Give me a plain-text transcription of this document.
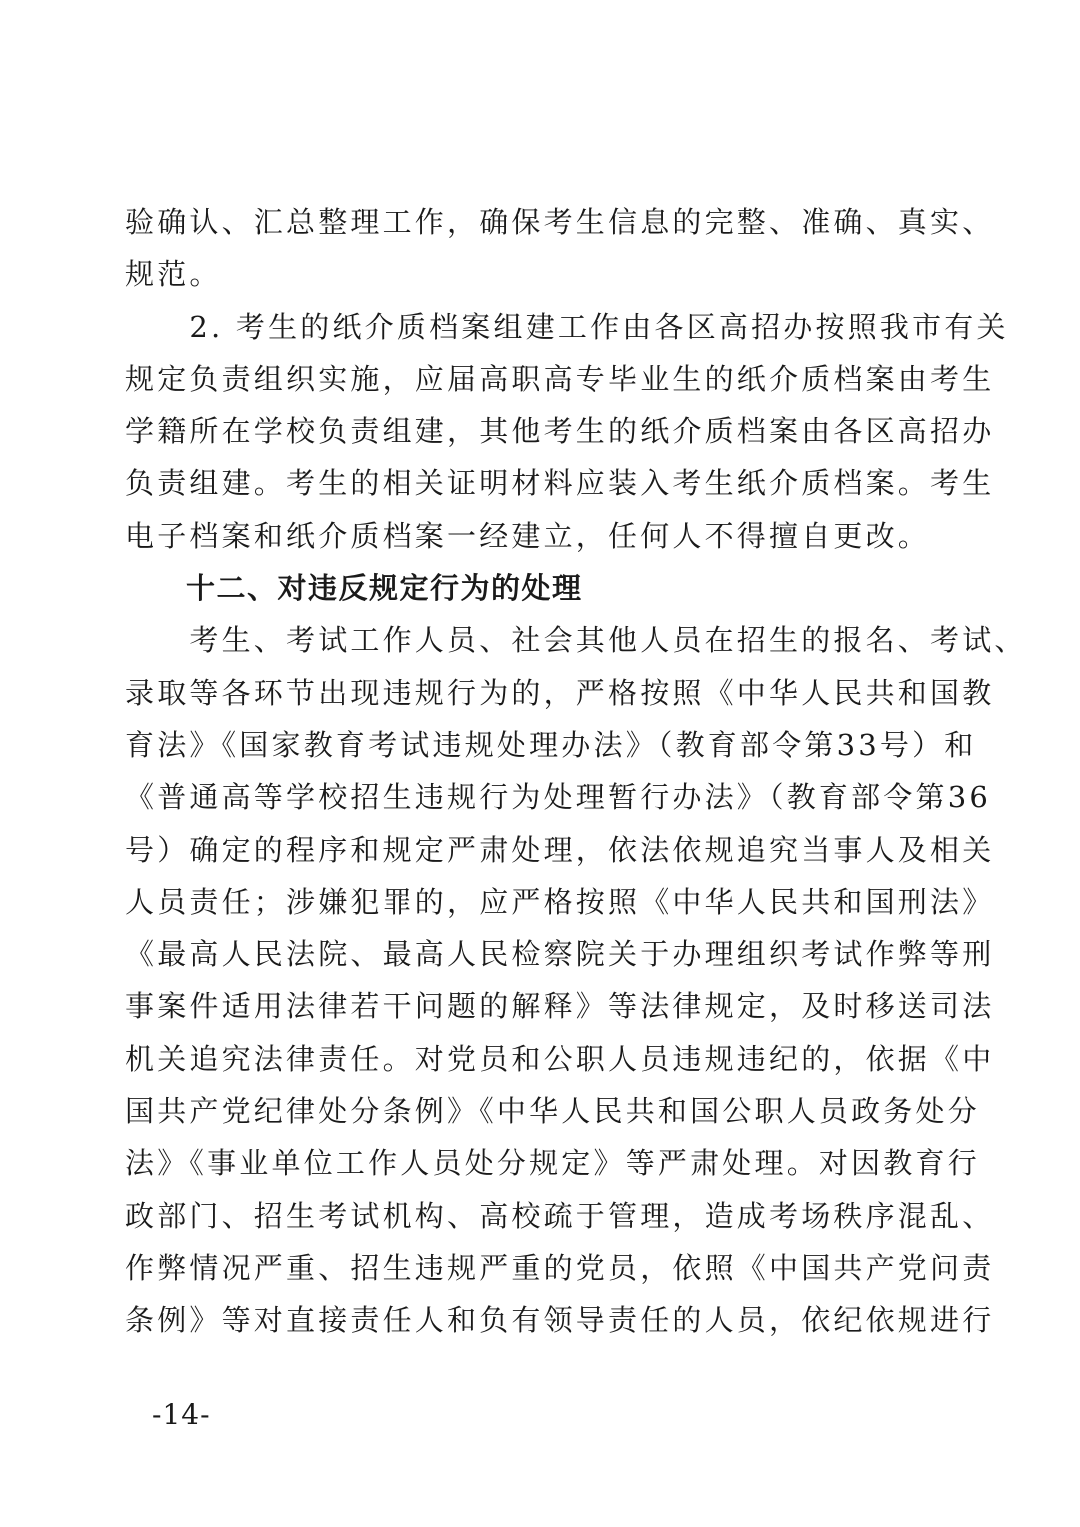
验确认、汇总整理工作，确保考生信息的完整、准确、真实、
规范。
　　2. 考生的纸介质档案组建工作由各区高招办按照我市有关
规定负责组织实施，应届高职高专毕业生的纸介质档案由考生
学籍所在学校负责组建，其他考生的纸介质档案由各区高招办
负责组建。考生的相关证明材料应装入考生纸介质档案。考生
电子档案和纸介质档案一经建立，任何人不得擅自更改。
　　十二、对违反规定行为的处理
　　考生、考试工作人员、社会其他人员在招生的报名、考试、
录取等各环节出现违规行为的，严格按照《中华人民共和国教
育法》《国家教育考试违规处理办法》（教育部令第33号）和
《普通高等学校招生违规行为处理暂行办法》（教育部令第36
号）确定的程序和规定严肃处理，依法依规追究当事人及相关
人员责任；涉嫌犯罪的，应严格按照《中华人民共和国刑法》
《最高人民法院、最高人民检察院关于办理组织考试作弊等刑
事案件适用法律若干问题的解释》等法律规定，及时移送司法
机关追究法律责任。对党员和公职人员违规违纪的，依据《中
国共产党纪律处分条例》《中华人民共和国公职人员政务处分
法》《事业单位工作人员处分规定》等严肃处理。对因教育行
政部门、招生考试机构、高校疏于管理，造成考场秩序混乱、
作弊情况严重、招生违规严重的党员，依照《中国共产党问责
条例》等对直接责任人和负有领导责任的人员，依纪依规进行
-14-
